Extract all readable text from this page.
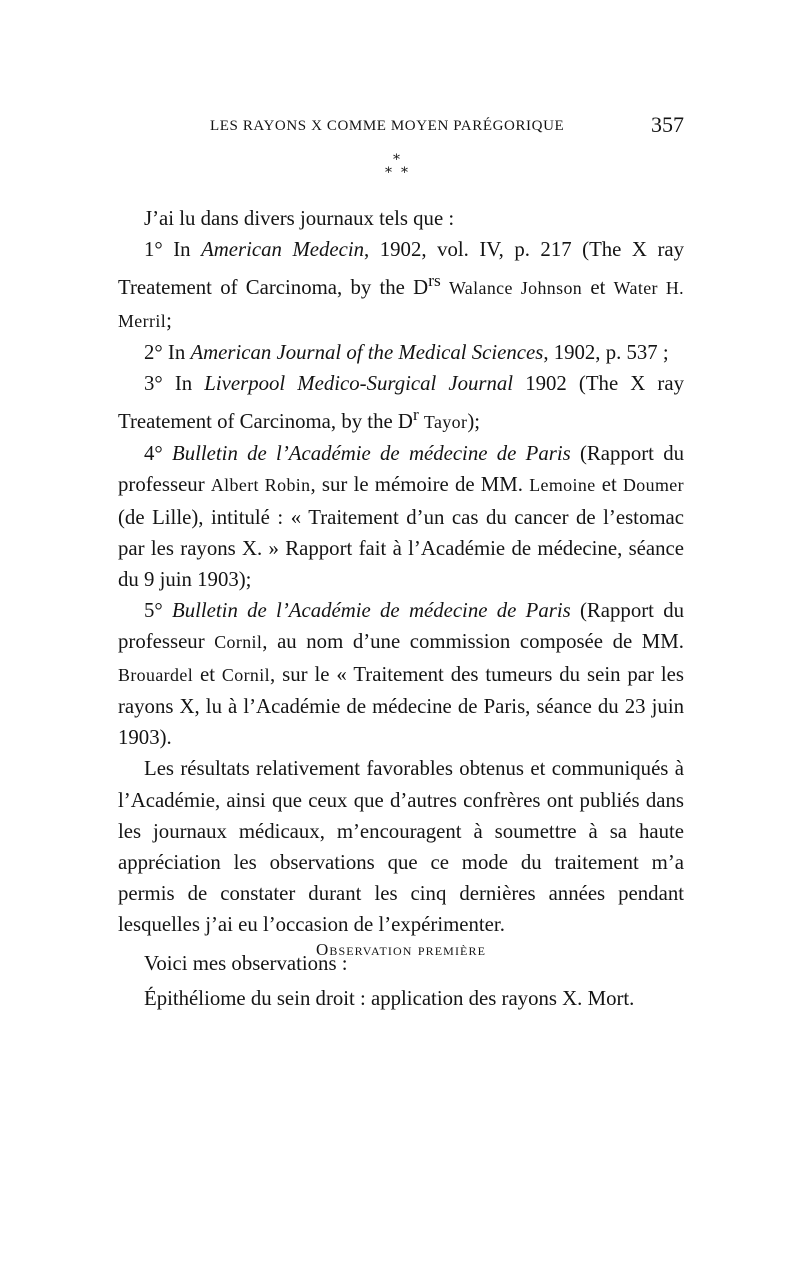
LES RAYONS X COMME MOYEN PARÉGORIQUE	357
*
* *

J’ai lu dans divers journaux tels que :

1° In American Medecin, 1902, vol. IV, p. 217 (The X ray Treatement of Carcinoma, by the $D^{rs}$ Walance Johnson et Water H. Merril;

2° In American Journal of the Medical Sciences, 1902, p. 537 ;

3° In Liverpool Medico-Surgical Journal 1902 (The X ray Treatement of Carcinoma, by the $D^r$ Tayor);

4° Bulletin de l’Académie de médecine de Paris (Rapport du professeur Albert Robin, sur le mémoire de MM. Lemoine et Doumer (de Lille), intitulé : « Traitement d’un cas du cancer de l’estomac par les rayons X. » Rapport fait à l’Académie de médecine, séance du 9 juin 1903);

5° Bulletin de l’Académie de médecine de Paris (Rapport du professeur Cornil, au nom d’une commission composée de MM. Brouardel et Cornil, sur le « Traitement des tumeurs du sein par les rayons X, lu à l’Académie de médecine de Paris, séance du 23 juin 1903).

Les résultats relativement favorables obtenus et communiqués à l’Académie, ainsi que ceux que d’autres confrères ont publiés dans les journaux médicaux, m’encouragent à soumettre à sa haute appréciation les observations que ce mode du traitement m’a permis de constater durant les cinq dernières années pendant lesquelles j’ai eu l’occasion de l’expérimenter.

Voici mes observations :

Observation première

Épithéliome du sein droit : application des rayons X. Mort.
